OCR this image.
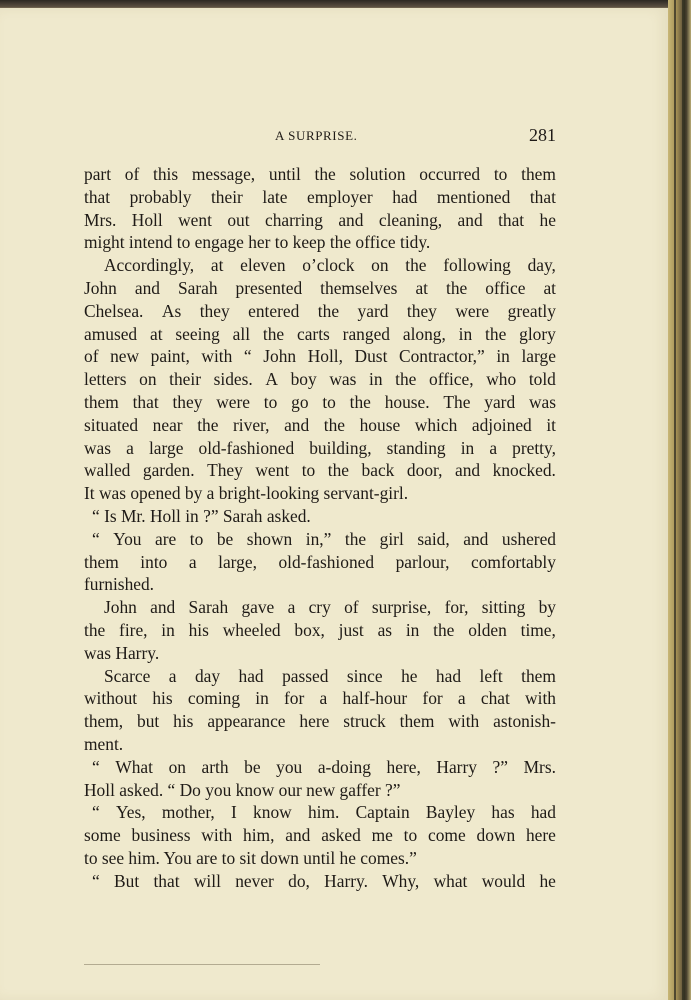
A SURPRISE.	281
part of this message, until the solution occurred to them
that probably their late employer had mentioned that
Mrs. Holl went out charring and cleaning, and that he
might intend to engage her to keep the office tidy.
Accordingly, at eleven o’clock on the following day,
John and Sarah presented themselves at the office at
Chelsea. As they entered the yard they were greatly
amused at seeing all the carts ranged along, in the glory
of new paint, with “ John Holl, Dust Contractor,” in large
letters on their sides. A boy was in the office, who told
them that they were to go to the house. The yard was
situated near the river, and the house which adjoined it
was a large old-fashioned building, standing in a pretty,
walled garden. They went to the back door, and knocked.
It was opened by a bright-looking servant-girl.
“ Is Mr. Holl in ?” Sarah asked.
“ You are to be shown in,” the girl said, and ushered
them into a large, old-fashioned parlour, comfortably
furnished.
John and Sarah gave a cry of surprise, for, sitting by
the fire, in his wheeled box, just as in the olden time,
was Harry.
Scarce a day had passed since he had left them
without his coming in for a half-hour for a chat with
them, but his appearance here struck them with astonish-
ment.
“ What on arth be you a-doing here, Harry ?” Mrs.
Holl asked. “ Do you know our new gaffer ?”
“ Yes, mother, I know him. Captain Bayley has had
some business with him, and asked me to come down here
to see him. You are to sit down until he comes.”
“ But that will never do, Harry. Why, what would he
